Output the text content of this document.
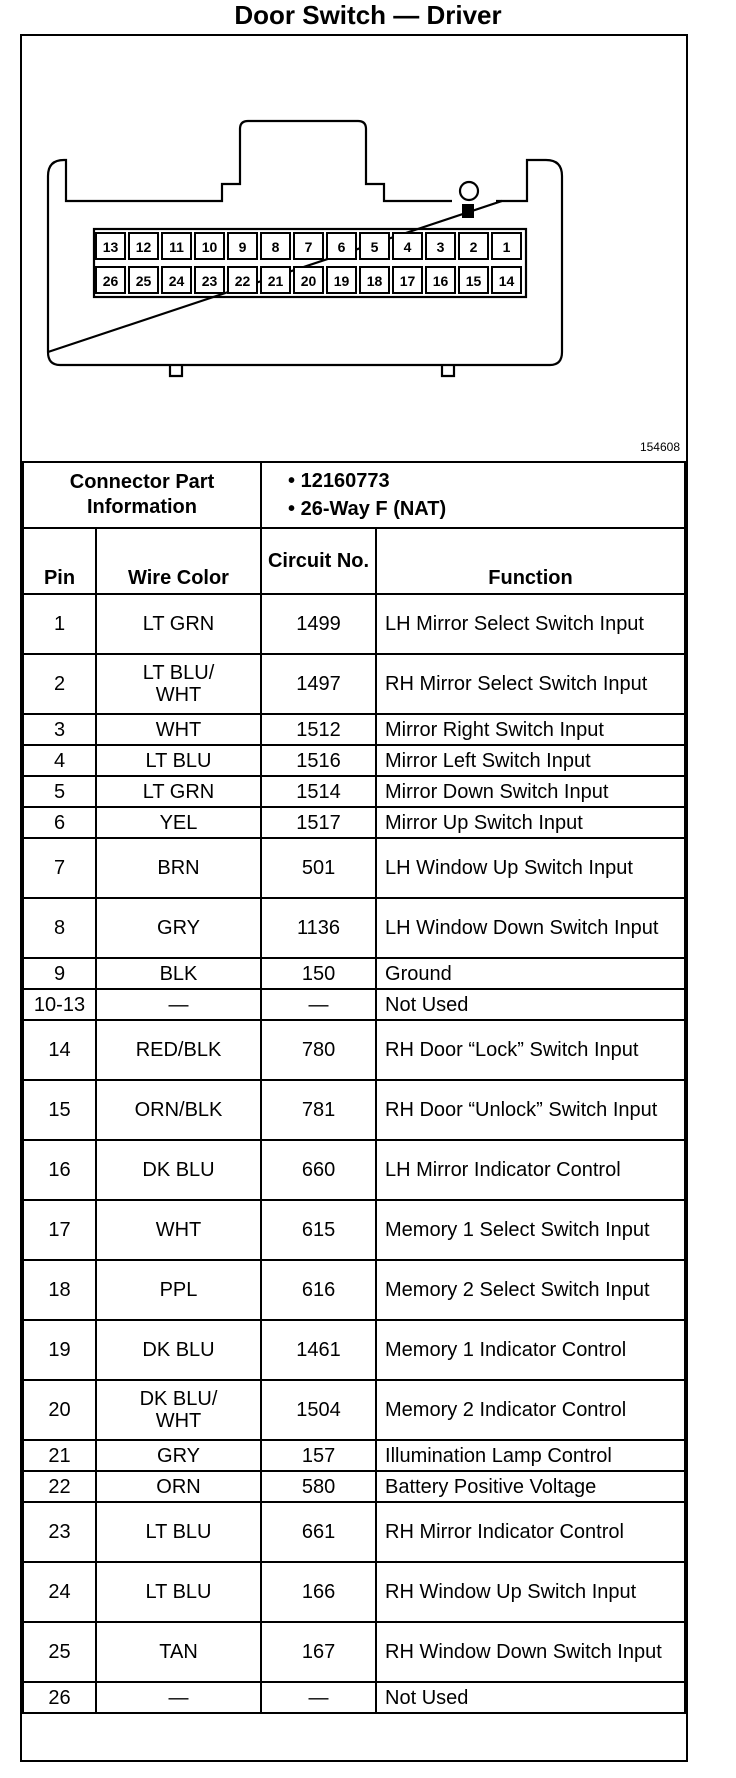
Door Switch — Driver
13 12 11 10 9 8 7 6 5 4 3 2 1
26 25 24 23 22 21 20 19 18 17 16 15 14
154608
Connector Part Information		• 12160773
• 26-Way F (NAT)	

Pin	Wire Color	Circuit No.	Function
1	LT GRN	1499	LH Mirror Select Switch Input
2	LT BLU/
WHT	1497	RH Mirror Select Switch Input
3	WHT	1512	Mirror Right Switch Input
4	LT BLU	1516	Mirror Left Switch Input
5	LT GRN	1514	Mirror Down Switch Input
6	YEL	1517	Mirror Up Switch Input
7	BRN	501	LH Window Up Switch Input
8	GRY	1136	LH Window Down Switch Input
9	BLK	150	Ground
10-13	—	—	Not Used
14	RED/BLK	780	RH Door “Lock” Switch Input
15	ORN/BLK	781	RH Door “Unlock” Switch Input
16	DK BLU	660	LH Mirror Indicator Control
17	WHT	615	Memory 1 Select Switch Input
18	PPL	616	Memory 2 Select Switch Input
19	DK BLU	1461	Memory 1 Indicator Control
20	DK BLU/
WHT	1504	Memory 2 Indicator Control
21	GRY	157	Illumination Lamp Control
22	ORN	580	Battery Positive Voltage
23	LT BLU	661	RH Mirror Indicator Control
24	LT BLU	166	RH Window Up Switch Input
25	TAN	167	RH Window Down Switch Input
26	—	—	Not Used
